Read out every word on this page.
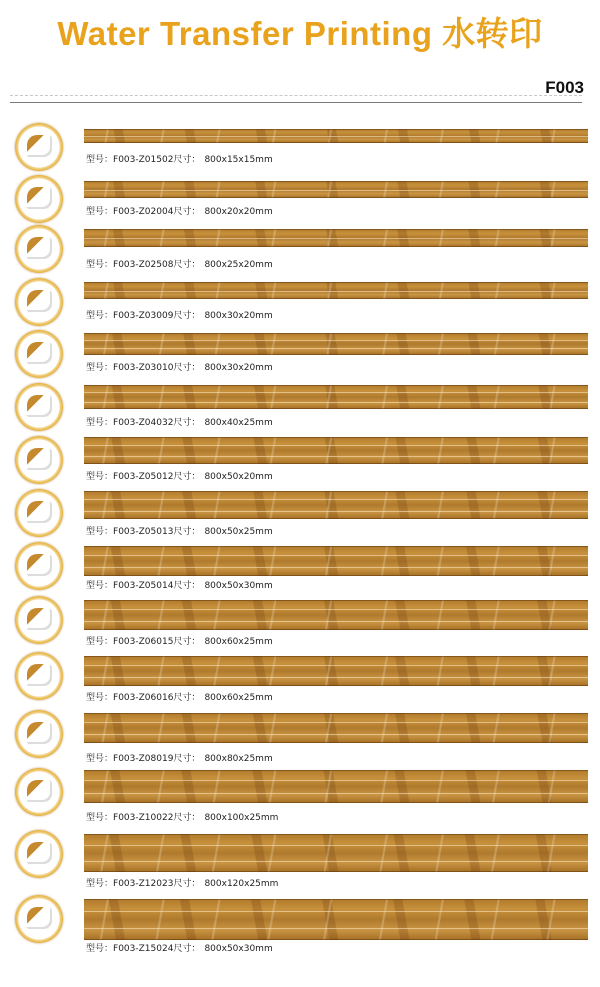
Water Transfer Printing 水转印
F003
型号：F003-Z01502尺寸： 800x15x15mm
型号：F003-Z02004尺寸： 800x20x20mm
型号：F003-Z02508尺寸： 800x25x20mm
型号：F003-Z03009尺寸： 800x30x20mm
型号：F003-Z03010尺寸： 800x30x20mm
型号：F003-Z04032尺寸： 800x40x25mm
型号：F003-Z05012尺寸： 800x50x20mm
型号：F003-Z05013尺寸： 800x50x25mm
型号：F003-Z05014尺寸： 800x50x30mm
型号：F003-Z06015尺寸： 800x60x25mm
型号：F003-Z06016尺寸： 800x60x25mm
型号：F003-Z08019尺寸： 800x80x25mm
型号：F003-Z10022尺寸： 800x100x25mm
型号：F003-Z12023尺寸： 800x120x25mm
型号：F003-Z15024尺寸： 800x50x30mm
